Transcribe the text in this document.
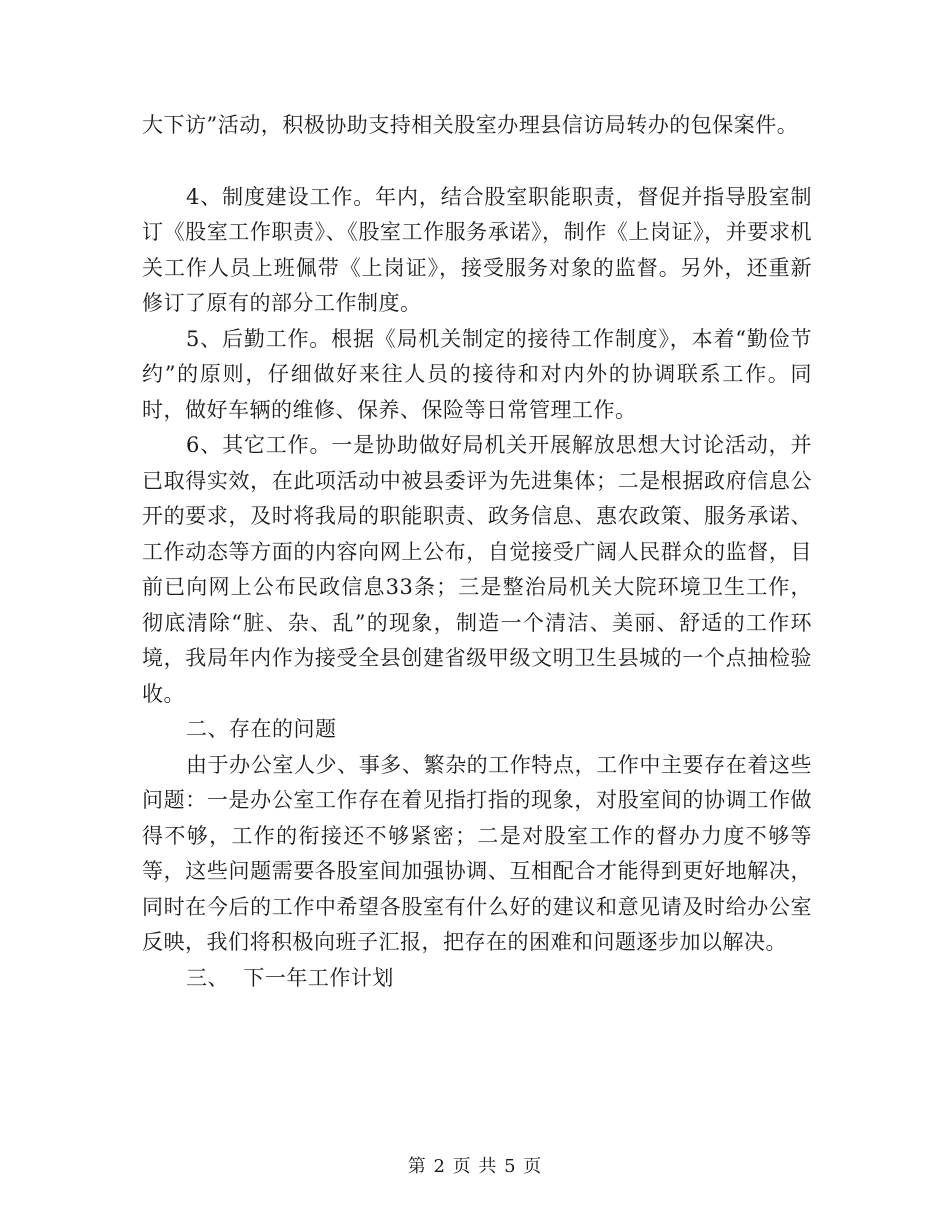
大下访”活动，积极协助支持相关股室办理县信访局转办的包保案件。

4、制度建设工作。年内，结合股室职能职责，督促并指导股室制订《股室工作职责》、《股室工作服务承诺》，制作《上岗证》，并要求机关工作人员上班佩带《上岗证》，接受服务对象的监督。另外，还重新修订了原有的部分工作制度。

5、后勤工作。根据《局机关制定的接待工作制度》，本着“勤俭节约”的原则，仔细做好来往人员的接待和对内外的协调联系工作。同时，做好车辆的维修、保养、保险等日常管理工作。

6、其它工作。一是协助做好局机关开展解放思想大讨论活动，并已取得实效，在此项活动中被县委评为先进集体；二是根据政府信息公开的要求，及时将我局的职能职责、政务信息、惠农政策、服务承诺、工作动态等方面的内容向网上公布，自觉接受广阔人民群众的监督，目前已向网上公布民政信息33条；三是整治局机关大院环境卫生工作，彻底清除“脏、杂、乱”的现象，制造一个清洁、美丽、舒适的工作环境，我局年内作为接受全县创建省级甲级文明卫生县城的一个点抽检验收。

二、存在的问题

由于办公室人少、事多、繁杂的工作特点，工作中主要存在着这些问题：一是办公室工作存在着见指打指的现象，对股室间的协调工作做得不够，工作的衔接还不够紧密；二是对股室工作的督办力度不够等等，这些问题需要各股室间加强协调、互相配合才能得到更好地解决，同时在今后的工作中希望各股室有什么好的建议和意见请及时给办公室反映，我们将积极向班子汇报，把存在的困难和问题逐步加以解决。

三、  下一年工作计划

第 2 页 共 5 页
